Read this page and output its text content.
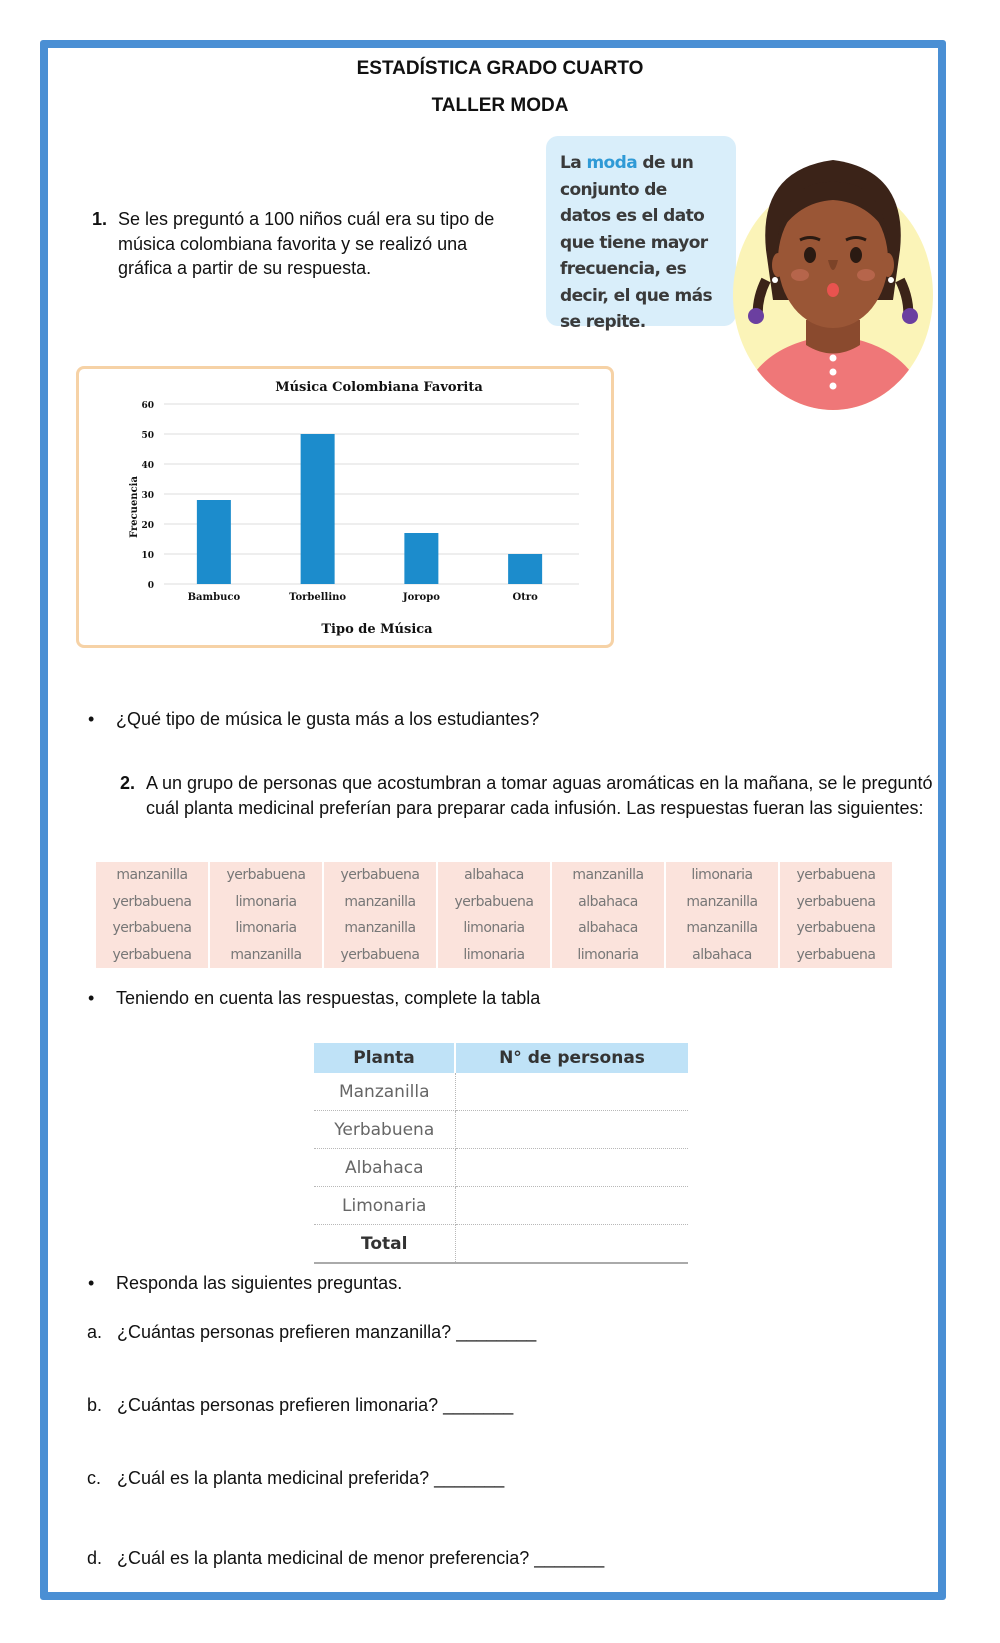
ESTADÍSTICA GRADO CUARTO
TALLER MODA
1. Se les preguntó a 100 niños cuál era su tipo de música colombiana favorita y se realizó una gráfica a partir de su respuesta.
La moda de un conjunto de datos es el dato que tiene mayor frecuencia, es decir, el que más se repite.
Música Colombiana Favorita
0
10
20
30
40
50
60
Bambuco	Torbellino	Joropo	Otro
Tipo de Música
Frecuencia
• ¿Qué tipo de música le gusta más a los estudiantes?
2. A un grupo de personas que acostumbran a tomar aguas aromáticas en la mañana, se le preguntó cuál planta medicinal preferían para preparar cada infusión. Las respuestas fueran las siguientes:
manzanilla	yerbabuena	yerbabuena	albahaca	manzanilla	limonaria	yerbabuena
yerbabuena	limonaria	manzanilla	yerbabuena	albahaca	manzanilla	yerbabuena
yerbabuena	limonaria	manzanilla	limonaria	albahaca	manzanilla	yerbabuena
yerbabuena	manzanilla	yerbabuena	limonaria	limonaria	albahaca	yerbabuena
• Teniendo en cuenta las respuestas, complete la tabla
Planta	N° de personas
Manzanilla	
Yerbabuena	
Albahaca	
Limonaria	
Total	
• Responda las siguientes preguntas.
a. ¿Cuántas personas prefieren manzanilla? ________
b. ¿Cuántas personas prefieren limonaria? _______
c. ¿Cuál es la planta medicinal preferida? _______
d. ¿Cuál es la planta medicinal de menor preferencia? _______
